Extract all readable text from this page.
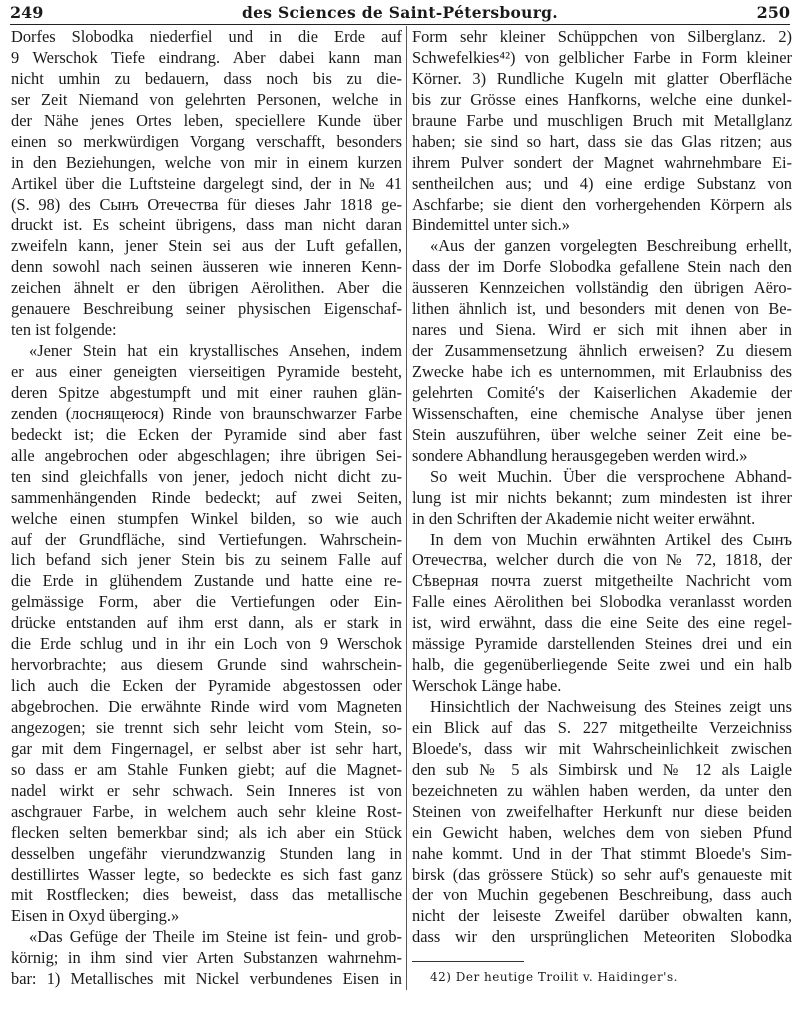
249	des Sciences de Saint-Pétersbourg.	250
Dorfes Slobodka niederfiel und in die Erde auf
9 Werschok Tiefe eindrang. Aber dabei kann man
nicht umhin zu bedauern, dass noch bis zu die-
ser Zeit Niemand von gelehrten Personen, welche in
der Nähe jenes Ortes leben, speciellere Kunde über
einen so merkwürdigen Vorgang verschafft, besonders
in den Beziehungen, welche von mir in einem kurzen
Artikel über die Luftsteine dargelegt sind, der in № 41
(S. 98) des Сынъ Отечества für dieses Jahr 1818 ge-
druckt ist. Es scheint übrigens, dass man nicht daran
zweifeln kann, jener Stein sei aus der Luft gefallen,
denn sowohl nach seinen äusseren wie inneren Kenn-
zeichen ähnelt er den übrigen Aërolithen. Aber die
genauere Beschreibung seiner physischen Eigenschaf-
ten ist folgende:
«Jener Stein hat ein krystallisches Ansehen, indem
er aus einer geneigten vierseitigen Pyramide besteht,
deren Spitze abgestumpft und mit einer rauhen glän-
zenden (лоснящеюся) Rinde von braunschwarzer Farbe
bedeckt ist; die Ecken der Pyramide sind aber fast
alle angebrochen oder abgeschlagen; ihre übrigen Sei-
ten sind gleichfalls von jener, jedoch nicht dicht zu-
sammenhängenden Rinde bedeckt; auf zwei Seiten,
welche einen stumpfen Winkel bilden, so wie auch
auf der Grundfläche, sind Vertiefungen. Wahrschein-
lich befand sich jener Stein bis zu seinem Falle auf
die Erde in glühendem Zustande und hatte eine re-
gelmässige Form, aber die Vertiefungen oder Ein-
drücke entstanden auf ihm erst dann, als er stark in
die Erde schlug und in ihr ein Loch von 9 Werschok
hervorbrachte; aus diesem Grunde sind wahrschein-
lich auch die Ecken der Pyramide abgestossen oder
abgebrochen. Die erwähnte Rinde wird vom Magneten
angezogen; sie trennt sich sehr leicht vom Stein, so-
gar mit dem Fingernagel, er selbst aber ist sehr hart,
so dass er am Stahle Funken giebt; auf die Magnet-
nadel wirkt er sehr schwach. Sein Inneres ist von
aschgrauer Farbe, in welchem auch sehr kleine Rost-
flecken selten bemerkbar sind; als ich aber ein Stück
desselben ungefähr vierundzwanzig Stunden lang in
destillirtes Wasser legte, so bedeckte es sich fast ganz
mit Rostflecken; dies beweist, dass das metallische
Eisen in Oxyd überging.»
«Das Gefüge der Theile im Steine ist fein- und grob-
körnig; in ihm sind vier Arten Substanzen wahrnehm-
bar: 1) Metallisches mit Nickel verbundenes Eisen in
Form sehr kleiner Schüppchen von Silberglanz. 2)
Schwefelkies⁴²) von gelblicher Farbe in Form kleiner
Körner. 3) Rundliche Kugeln mit glatter Oberfläche
bis zur Grösse eines Hanfkorns, welche eine dunkel-
braune Farbe und muschligen Bruch mit Metallglanz
haben; sie sind so hart, dass sie das Glas ritzen; aus
ihrem Pulver sondert der Magnet wahrnehmbare Ei-
sentheilchen aus; und 4) eine erdige Substanz von
Aschfarbe; sie dient den vorhergehenden Körpern als
Bindemittel unter sich.»
«Aus der ganzen vorgelegten Beschreibung erhellt,
dass der im Dorfe Slobodka gefallene Stein nach den
äusseren Kennzeichen vollständig den übrigen Aëro-
lithen ähnlich ist, und besonders mit denen von Be-
nares und Siena. Wird er sich mit ihnen aber in
der Zusammensetzung ähnlich erweisen? Zu diesem
Zwecke habe ich es unternommen, mit Erlaubniss des
gelehrten Comité's der Kaiserlichen Akademie der
Wissenschaften, eine chemische Analyse über jenen
Stein auszuführen, über welche seiner Zeit eine be-
sondere Abhandlung herausgegeben werden wird.»
So weit Muchin. Über die versprochene Abhand-
lung ist mir nichts bekannt; zum mindesten ist ihrer
in den Schriften der Akademie nicht weiter erwähnt.
In dem von Muchin erwähnten Artikel des Сынъ
Отечества, welcher durch die von № 72, 1818, der
Сѣверная почта zuerst mitgetheilte Nachricht vom
Falle eines Aërolithen bei Slobodka veranlasst worden
ist, wird erwähnt, dass die eine Seite des eine regel-
mässige Pyramide darstellenden Steines drei und ein
halb, die gegenüberliegende Seite zwei und ein halb
Werschok Länge habe.
Hinsichtlich der Nachweisung des Steines zeigt uns
ein Blick auf das S. 227 mitgetheilte Verzeichniss
Bloede's, dass wir mit Wahrscheinlichkeit zwischen
den sub № 5 als Simbirsk und № 12 als Laigle
bezeichneten zu wählen haben werden, da unter den
Steinen von zweifelhafter Herkunft nur diese beiden
ein Gewicht haben, welches dem von sieben Pfund
nahe kommt. Und in der That stimmt Bloede's Sim-
birsk (das grössere Stück) so sehr auf's genaueste mit
der von Muchin gegebenen Beschreibung, dass auch
nicht der leiseste Zweifel darüber obwalten kann,
dass wir den ursprünglichen Meteoriten Slobodka
42) Der heutige Troilit v. Haidinger's.
